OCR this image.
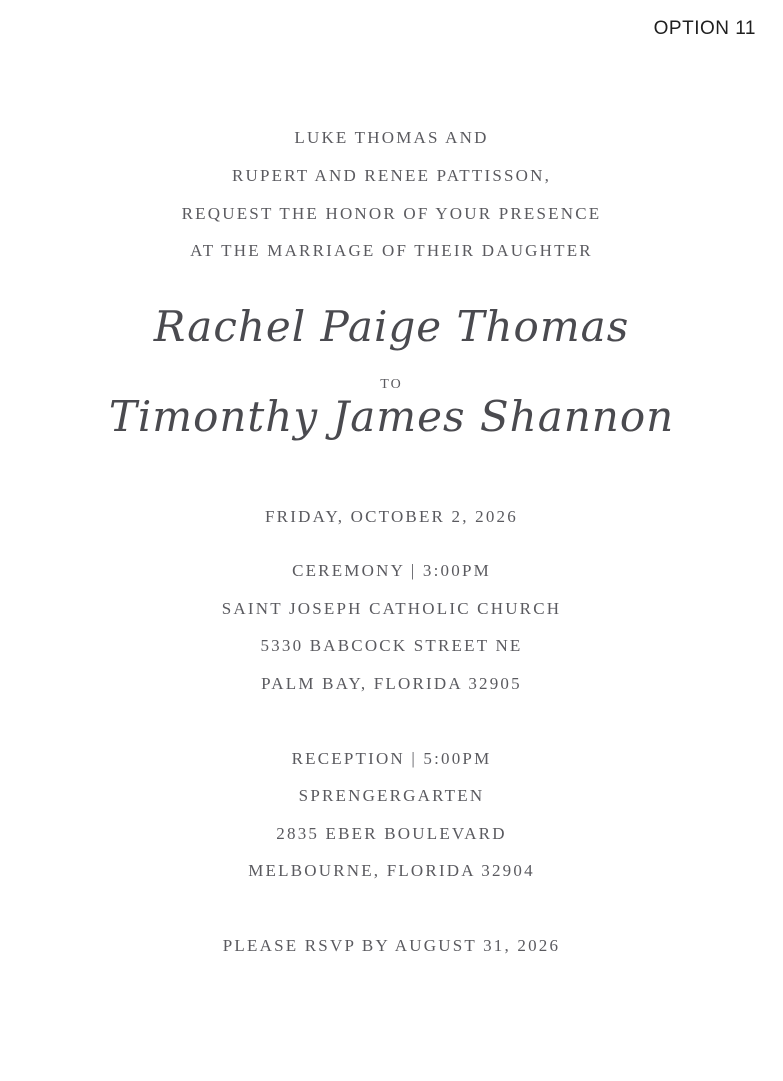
OPTION 11
LUKE THOMAS AND
RUPERT AND RENEE PATTISSON,
REQUEST THE HONOR OF YOUR PRESENCE
AT THE MARRIAGE OF THEIR DAUGHTER
Rachel Paige Thomas
TO
Timonthy James Shannon
FRIDAY, OCTOBER 2, 2026
CEREMONY | 3:00PM
SAINT JOSEPH CATHOLIC CHURCH
5330 BABCOCK STREET NE
PALM BAY, FLORIDA 32905
RECEPTION | 5:00PM
SPRENGERGARTEN
2835 EBER BOULEVARD
MELBOURNE, FLORIDA 32904
PLEASE RSVP BY AUGUST 31, 2026
